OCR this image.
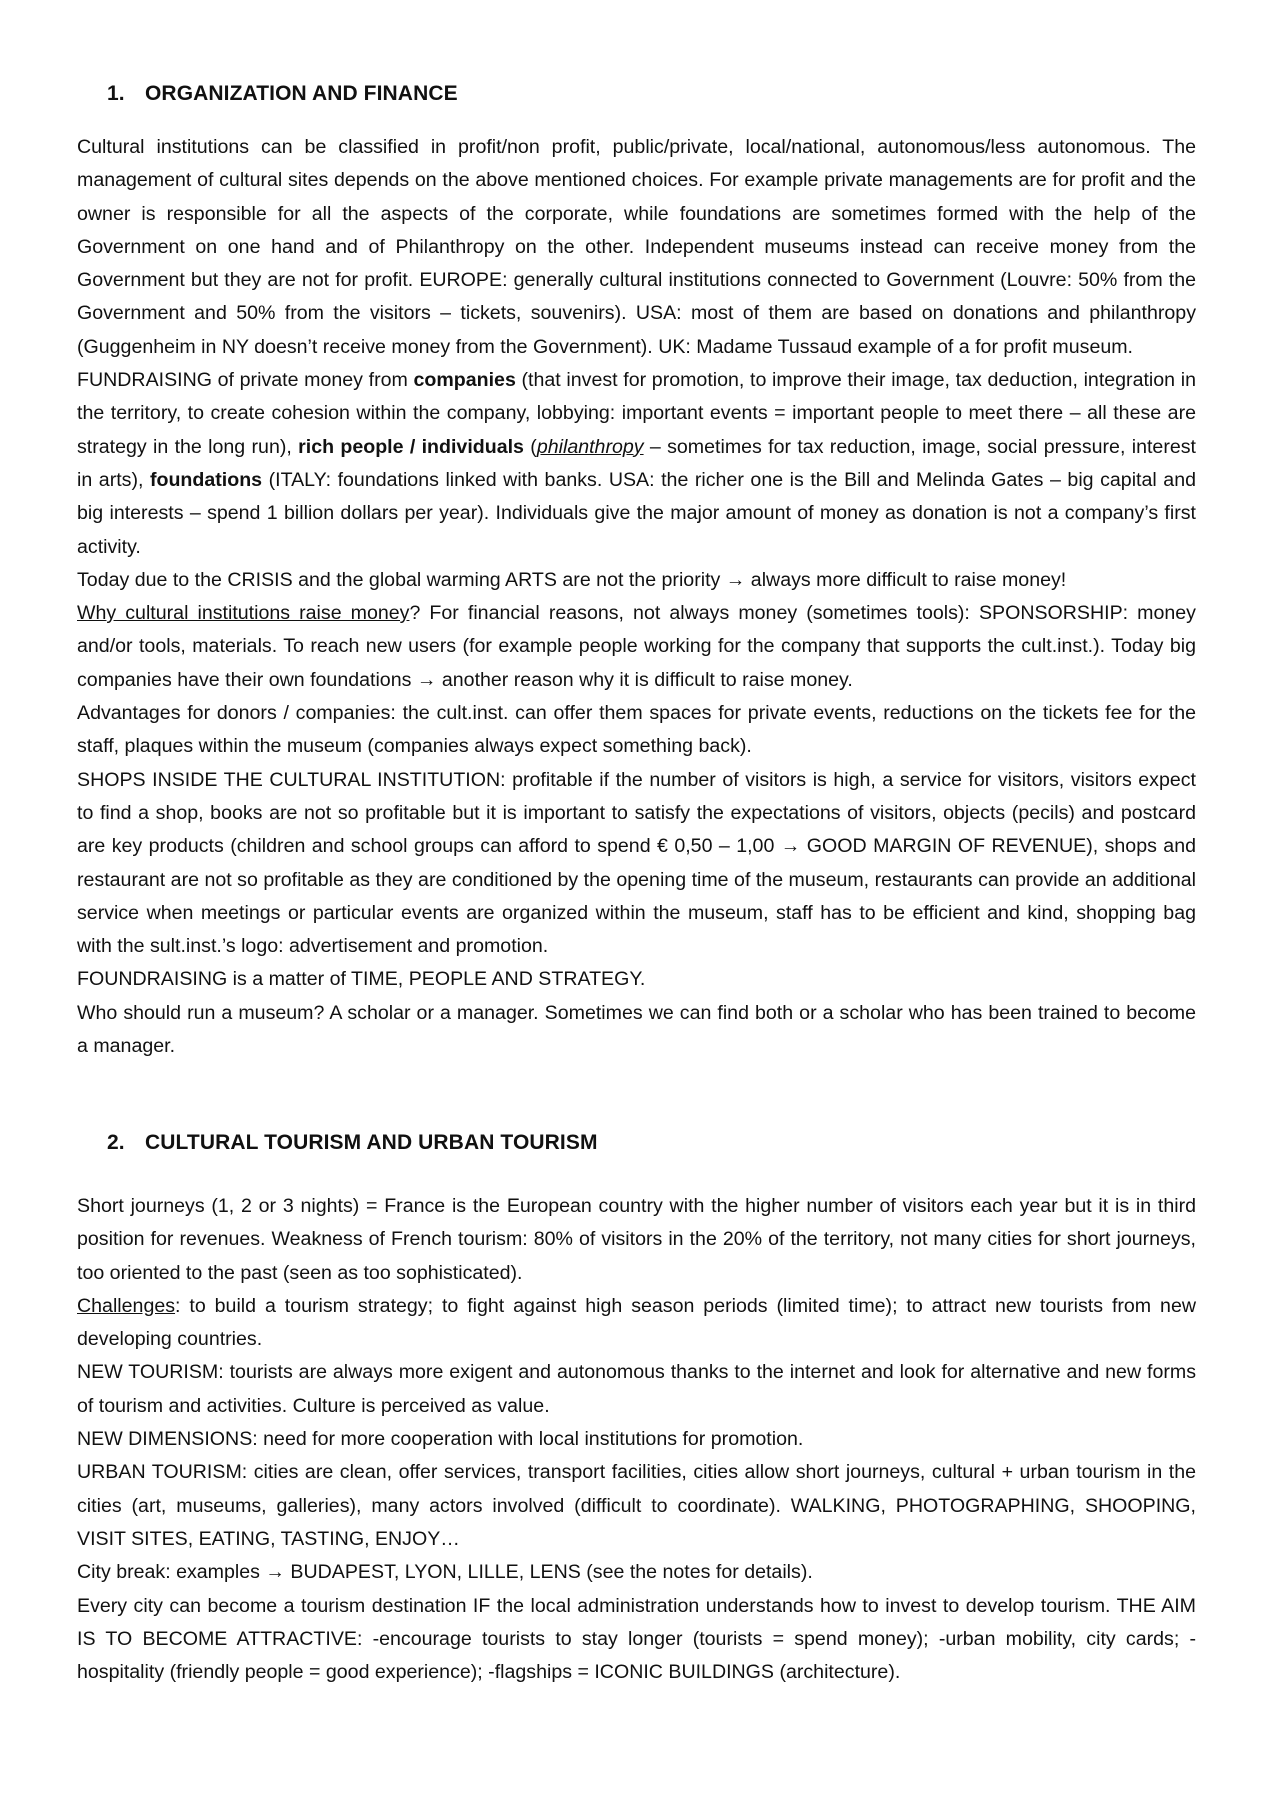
1. ORGANIZATION AND FINANCE

Cultural institutions can be classified in profit/non profit, public/private, local/national, autonomous/less autonomous. The management of cultural sites depends on the above mentioned choices. For example private managements are for profit and the owner is responsible for all the aspects of the corporate, while foundations are sometimes formed with the help of the Government on one hand and of Philanthropy on the other. Independent museums instead can receive money from the Government but they are not for profit. EUROPE: generally cultural institutions connected to Government (Louvre: 50% from the Government and 50% from the visitors – tickets, souvenirs). USA: most of them are based on donations and philanthropy (Guggenheim in NY doesn’t receive money from the Government). UK: Madame Tussaud example of a for profit museum.

FUNDRAISING of private money from companies (that invest for promotion, to improve their image, tax deduction, integration in the territory, to create cohesion within the company, lobbying: important events = important people to meet there – all these are strategy in the long run), rich people / individuals (philanthropy – sometimes for tax reduction, image, social pressure, interest in arts), foundations (ITALY: foundations linked with banks. USA: the richer one is the Bill and Melinda Gates – big capital and big interests – spend 1 billion dollars per year). Individuals give the major amount of money as donation is not a company’s first activity.

Today due to the CRISIS and the global warming ARTS are not the priority → always more difficult to raise money!

Why cultural institutions raise money? For financial reasons, not always money (sometimes tools): SPONSORSHIP: money and/or tools, materials. To reach new users (for example people working for the company that supports the cult.inst.). Today big companies have their own foundations → another reason why it is difficult to raise money.

Advantages for donors / companies: the cult.inst. can offer them spaces for private events, reductions on the tickets fee for the staff, plaques within the museum (companies always expect something back).

SHOPS INSIDE THE CULTURAL INSTITUTION: profitable if the number of visitors is high, a service for visitors, visitors expect to find a shop, books are not so profitable but it is important to satisfy the expectations of visitors, objects (pecils) and postcard are key products (children and school groups can afford to spend € 0,50 – 1,00 → GOOD MARGIN OF REVENUE), shops and restaurant are not so profitable as they are conditioned by the opening time of the museum, restaurants can provide an additional service when meetings or particular events are organized within the museum, staff has to be efficient and kind, shopping bag with the sult.inst.’s logo: advertisement and promotion.

FOUNDRAISING is a matter of TIME, PEOPLE AND STRATEGY.

Who should run a museum? A scholar or a manager. Sometimes we can find both or a scholar who has been trained to become a manager.

2. CULTURAL TOURISM AND URBAN TOURISM

Short journeys (1, 2 or 3 nights) = France is the European country with the higher number of visitors each year but it is in third position for revenues. Weakness of French tourism: 80% of visitors in the 20% of the territory, not many cities for short journeys, too oriented to the past (seen as too sophisticated).

Challenges: to build a tourism strategy; to fight against high season periods (limited time); to attract new tourists from new developing countries.

NEW TOURISM: tourists are always more exigent and autonomous thanks to the internet and look for alternative and new forms of tourism and activities. Culture is perceived as value.

NEW DIMENSIONS: need for more cooperation with local institutions for promotion.

URBAN TOURISM: cities are clean, offer services, transport facilities, cities allow short journeys, cultural + urban tourism in the cities (art, museums, galleries), many actors involved (difficult to coordinate). WALKING, PHOTOGRAPHING, SHOOPING, VISIT SITES, EATING, TASTING, ENJOY…

City break: examples → BUDAPEST, LYON, LILLE, LENS (see the notes for details).

Every city can become a tourism destination IF the local administration understands how to invest to develop tourism. THE AIM IS TO BECOME ATTRACTIVE: -encourage tourists to stay longer (tourists = spend money); -urban mobility, city cards; -hospitality (friendly people = good experience); -flagships = ICONIC BUILDINGS (architecture).
